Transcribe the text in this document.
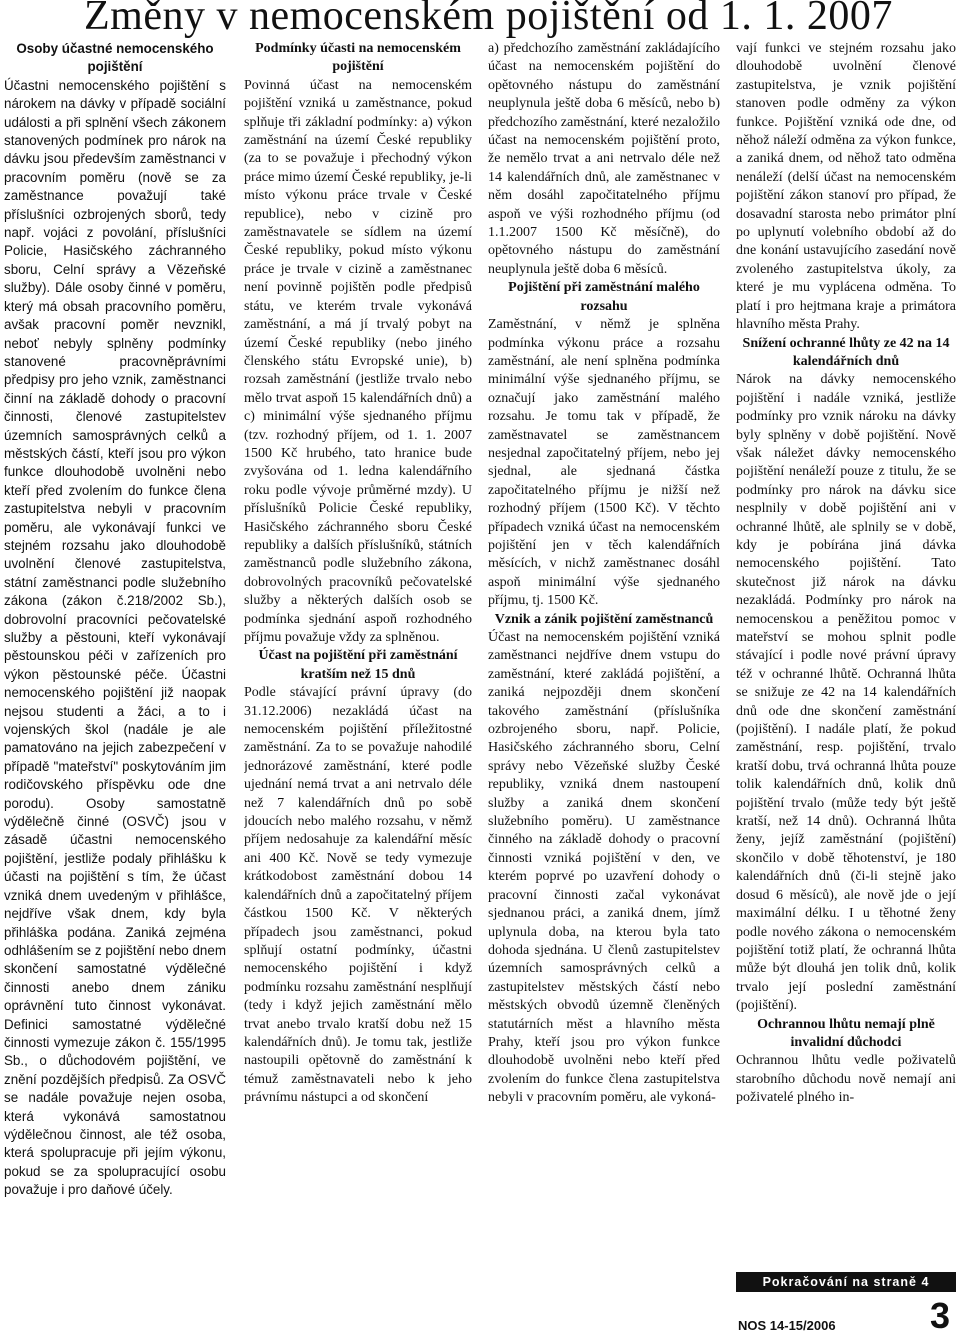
Změny v nemocenském pojištění od 1. 1. 2007

Osoby účastné nemocenského pojištění

Účastni nemocenského pojištění s nárokem na dávky v případě sociální události a při splnění všech zákonem stanovených podmínek pro nárok na dávku jsou především zaměstnanci v pracovním poměru (nově se za zaměstnance považují také příslušníci ozbrojených sborů, tedy např. vojáci z povolání, příslušníci Policie, Hasičského záchranného sboru, Celní správy a Vězeňské služby). Dále osoby činné v poměru, který má obsah pracovního poměru, avšak pracovní poměr nevznikl, neboť nebyly splněny podmínky stanovené pracovněprávními předpisy pro jeho vznik, zaměstnanci činní na základě dohody o pracovní činnosti, členové zastupitelstev územních samosprávných celků a městských částí, kteří jsou pro výkon funkce dlouhodobě uvolněni nebo kteří před zvolením do funkce člena zastupitelstva nebyli v pracovním poměru, ale vykonávají funkci ve stejném rozsahu jako dlouhodobě uvolnění členové zastupitelstva, státní zaměstnanci podle služebního zákona (zákon č.218/2002 Sb.), dobrovolní pracovníci pečovatelské služby a pěstouni, kteří vykonávají pěstounskou péči v zařízeních pro výkon pěstounské péče. Účastni nemocenského pojištění již naopak nejsou studenti a žáci, a to i vojenských škol (nadále je ale pamatováno na jejich zabezpečení v případě "mateřství" poskytováním jim rodičovského příspěvku ode dne porodu). Osoby samostatně výdělečně činné (OSVČ) jsou v zásadě účastni nemocenského pojištění, jestliže podaly přihlášku k účasti na pojištění s tím, že účast vzniká dnem uvedeným v přihlášce, nejdříve však dnem, kdy byla přihláška podána. Zaniká zejména odhlášením se z pojištění nebo dnem skončení samostatné výdělečné činnosti anebo dnem zániku oprávnění tuto činnost vykonávat. Definici samostatné výdělečné činnosti vymezuje zákon č. 155/1995 Sb., o důchodovém pojištění, ve znění pozdějších předpisů. Za OSVČ se nadále považuje nejen osoba, která vykonává samostatnou výdělečnou činnost, ale též osoba, která spolupracuje při jejím výkonu, pokud se za spolupracující osobu považuje i pro daňové účely.

Podmínky účasti na nemocenském pojištění

Povinná účast na nemocenském pojištění vzniká u zaměstnance, pokud splňuje tři základní podmínky: a) výkon zaměstnání na území České republiky (za to se považuje i přechodný výkon práce mimo území České republiky, je-li místo výkonu práce trvale v České republice), nebo v cizině pro zaměstnavatele se sídlem na území České republiky, pokud místo výkonu práce je trvale v cizině a zaměstnanec není povinně pojištěn podle předpisů státu, ve kterém trvale vykonává zaměstnání, a má jí trvalý pobyt na území České republiky (nebo jiného členského státu Evropské unie), b) rozsah zaměstnání (jestliže trvalo nebo mělo trvat aspoň 15 kalendářních dnů) a c) minimální výše sjednaného příjmu (tzv. rozhodný příjem, od 1. 1. 2007 1500 Kč hrubého, tato hranice bude zvyšována od 1. ledna kalendářního roku podle vývoje průměrné mzdy). U příslušníků Policie České republiky, Hasičského záchranného sboru České republiky a dalších příslušníků, státních zaměstnanců podle služebního zákona, dobrovolných pracovníků pečovatelské služby a některých dalších osob se podmínka sjednání aspoň rozhodného příjmu považuje vždy za splněnou.

Účast na pojištění při zaměstnání kratším než 15 dnů

Podle stávající právní úpravy (do 31.12.2006) nezakládá účast na nemocenském pojištění příležitostné zaměstnání. Za to se považuje nahodilé jednorázové zaměstnání, které podle ujednání nemá trvat a ani netrvalo déle než 7 kalendářních dnů po sobě jdoucích nebo malého rozsahu, v němž příjem nedosahuje za kalendářní měsíc ani 400 Kč. Nově se tedy vymezuje krátkodobost zaměstnání dobou 14 kalendářních dnů a započitatelný příjem částkou 1500 Kč. V některých případech jsou zaměstnanci, pokud splňují ostatní podmínky, účastni nemocenského pojištění i když podmínku rozsahu zaměstnání nesplňují (tedy i když jejich zaměstnání mělo trvat anebo trvalo kratší dobu než 15 kalendářních dnů). Je tomu tak, jestliže nastoupili opětovně do zaměstnání k témuž zaměstnavateli nebo k jeho právnímu nástupci a od skončení

a) předchozího zaměstnání zakládajícího účast na nemocenském pojištění do opětovného nástupu do zaměstnání neuplynula ještě doba 6 měsíců, nebo b) předchozího zaměstnání, které nezaložilo účast na nemocenském pojištění proto, že nemělo trvat a ani netrvalo déle než 14 kalendářních dnů, ale zaměstnanec v něm dosáhl započitatelného příjmu aspoň ve výši rozhodného příjmu (od 1.1.2007 1500 Kč měsíčně), do opětovného nástupu do zaměstnání neuplynula ještě doba 6 měsíců.

Pojištění při zaměstnání malého rozsahu

Zaměstnání, v němž je splněna podmínka výkonu práce a rozsahu zaměstnání, ale není splněna podmínka minimální výše sjednaného příjmu, se označují jako zaměstnání malého rozsahu. Je tomu tak v případě, že zaměstnavatel se zaměstnancem nesjednal započitatelný příjem, nebo jej sjednal, ale sjednaná částka započitatelného příjmu je nižší než rozhodný příjem (1500 Kč). V těchto případech vzniká účast na nemocenském pojištění jen v těch kalendářních měsících, v nichž zaměstnanec dosáhl aspoň minimální výše sjednaného příjmu, tj. 1500 Kč.

Vznik a zánik pojištění zaměstnanců

Účast na nemocenském pojištění vzniká zaměstnanci nejdříve dnem vstupu do zaměstnání, které zakládá pojištění, a zaniká nejpozději dnem skončení takového zaměstnání (příslušníka ozbrojeného sboru, např. Policie, Hasičského záchranného sboru, Celní správy nebo Vězeňské služby České republiky, vzniká dnem nastoupení služby a zaniká dnem skončení služebního poměru). U zaměstnance činného na základě dohody o pracovní činnosti vzniká pojištění v den, ve kterém poprvé po uzavření dohody o pracovní činnosti začal vykonávat sjednanou práci, a zaniká dnem, jímž uplynula doba, na kterou byla tato dohoda sjednána. U členů zastupitelstev územních samosprávných celků a zastupitelstev městských částí nebo městských obvodů územně členěných statutárních měst a hlavního města Prahy, kteří jsou pro výkon funkce dlouhodobě uvolněni nebo kteří před zvolením do funkce člena zastupitelstva nebyli v pracovním poměru, ale vykoná-

vají funkci ve stejném rozsahu jako dlouhodobě uvolnění členové zastupitelstva, je vznik pojištění stanoven podle odměny za výkon funkce. Pojištění vzniká ode dne, od něhož náleží odměna za výkon funkce, a zaniká dnem, od něhož tato odměna nenáleží (delší účast na nemocenském pojištění zákon stanoví pro případ, že dosavadní starosta nebo primátor plní po uplynutí volebního období až do dne konání ustavujícího zasedání nově zvoleného zastupitelstva úkoly, za které je mu vyplácena odměna. To platí i pro hejtmana kraje a primátora hlavního města Prahy.

Snížení ochranné lhůty ze 42 na 14 kalendářních dnů

Nárok na dávky nemocenského pojištění i nadále vzniká, jestliže podmínky pro vznik nároku na dávky byly splněny v době pojištění. Nově však náležet dávky nemocenského pojištění nenáleží pouze z titulu, že se podmínky pro nárok na dávku sice nesplnily v době pojištění ani v ochranné lhůtě, ale splnily se v době, kdy je pobírána jiná dávka nemocenského pojištění. Tato skutečnost již nárok na dávku nezakládá. Podmínky pro nárok na nemocenskou a peněžitou pomoc v mateřství se mohou splnit podle stávající i podle nové právní úpravy též v ochranné lhůtě. Ochranná lhůta se snižuje ze 42 na 14 kalendářních dnů ode dne skončení zaměstnání (pojištění). I nadále platí, že pokud zaměstnání, resp. pojištění, trvalo kratší dobu, trvá ochranná lhůta pouze tolik kalendářních dnů, kolik dnů pojištění trvalo (může tedy být ještě kratší, než 14 dnů). Ochranná lhůta ženy, jejíž zaměstnání (pojištění) skončilo v době těhotenství, je 180 kalendářních dnů (či-li stejně jako dosud 6 měsíců), ale nově jde o její maximální délku. I u těhotné ženy podle nového zákona o nemocenském pojištění totiž platí, že ochranná lhůta může být dlouhá jen tolik dnů, kolik trvalo její poslední zaměstnání (pojištění).

Ochrannou lhůtu nemají plně invalidní důchodci

Ochrannou lhůtu vedle poživatelů starobního důchodu nově nemají ani poživatelé plného in-

Pokračování na straně 4
NOS 14-15/2006	3
